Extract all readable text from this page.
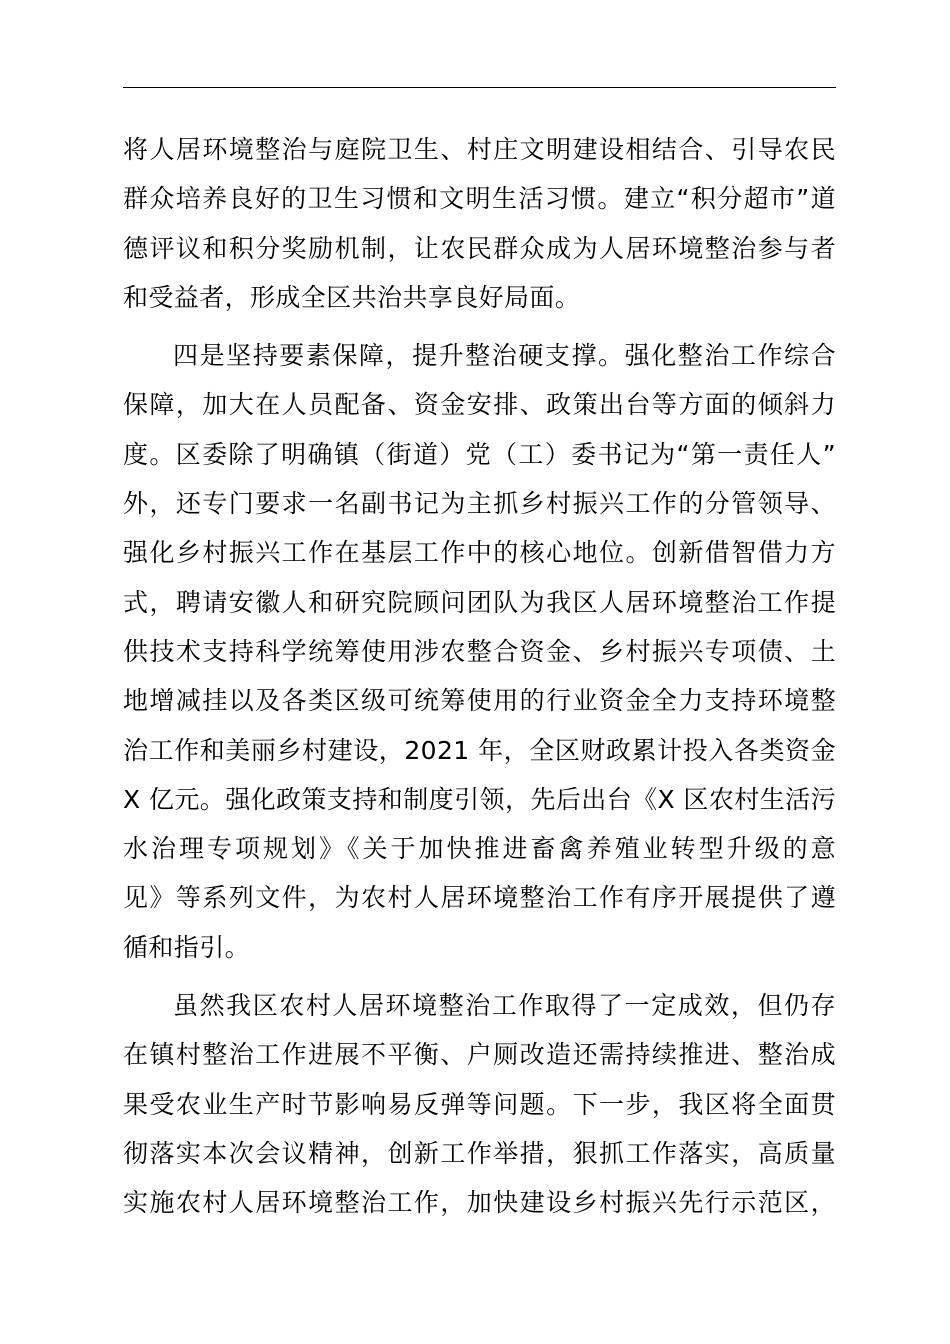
将人居环境整治与庭院卫生、村庄文明建设相结合、引导农民
群众培养良好的卫生习惯和文明生活习惯。建立“积分超市”道
德评议和积分奖励机制，让农民群众成为人居环境整治参与者
和受益者，形成全区共治共享良好局面。
四是坚持要素保障，提升整治硬支撑。强化整治工作综合
保障，加大在人员配备、资金安排、政策出台等方面的倾斜力
度。区委除了明确镇（街道）党（工）委书记为“第一责任人”
外，还专门要求一名副书记为主抓乡村振兴工作的分管领导、
强化乡村振兴工作在基层工作中的核心地位。创新借智借力方
式，聘请安徽人和研究院顾问团队为我区人居环境整治工作提
供技术支持科学统筹使用涉农整合资金、乡村振兴专项债、土
地增减挂以及各类区级可统筹使用的行业资金全力支持环境整
治工作和美丽乡村建设，2021 年，全区财政累计投入各类资金
X 亿元。强化政策支持和制度引领，先后出台《X 区农村生活污
水治理专项规划》《关于加快推进畜禽养殖业转型升级的意
见》等系列文件，为农村人居环境整治工作有序开展提供了遵
循和指引。
虽然我区农村人居环境整治工作取得了一定成效，但仍存
在镇村整治工作进展不平衡、户厕改造还需持续推进、整治成
果受农业生产时节影响易反弹等问题。下一步，我区将全面贯
彻落实本次会议精神，创新工作举措，狠抓工作落实，高质量
实施农村人居环境整治工作，加快建设乡村振兴先行示范区，
